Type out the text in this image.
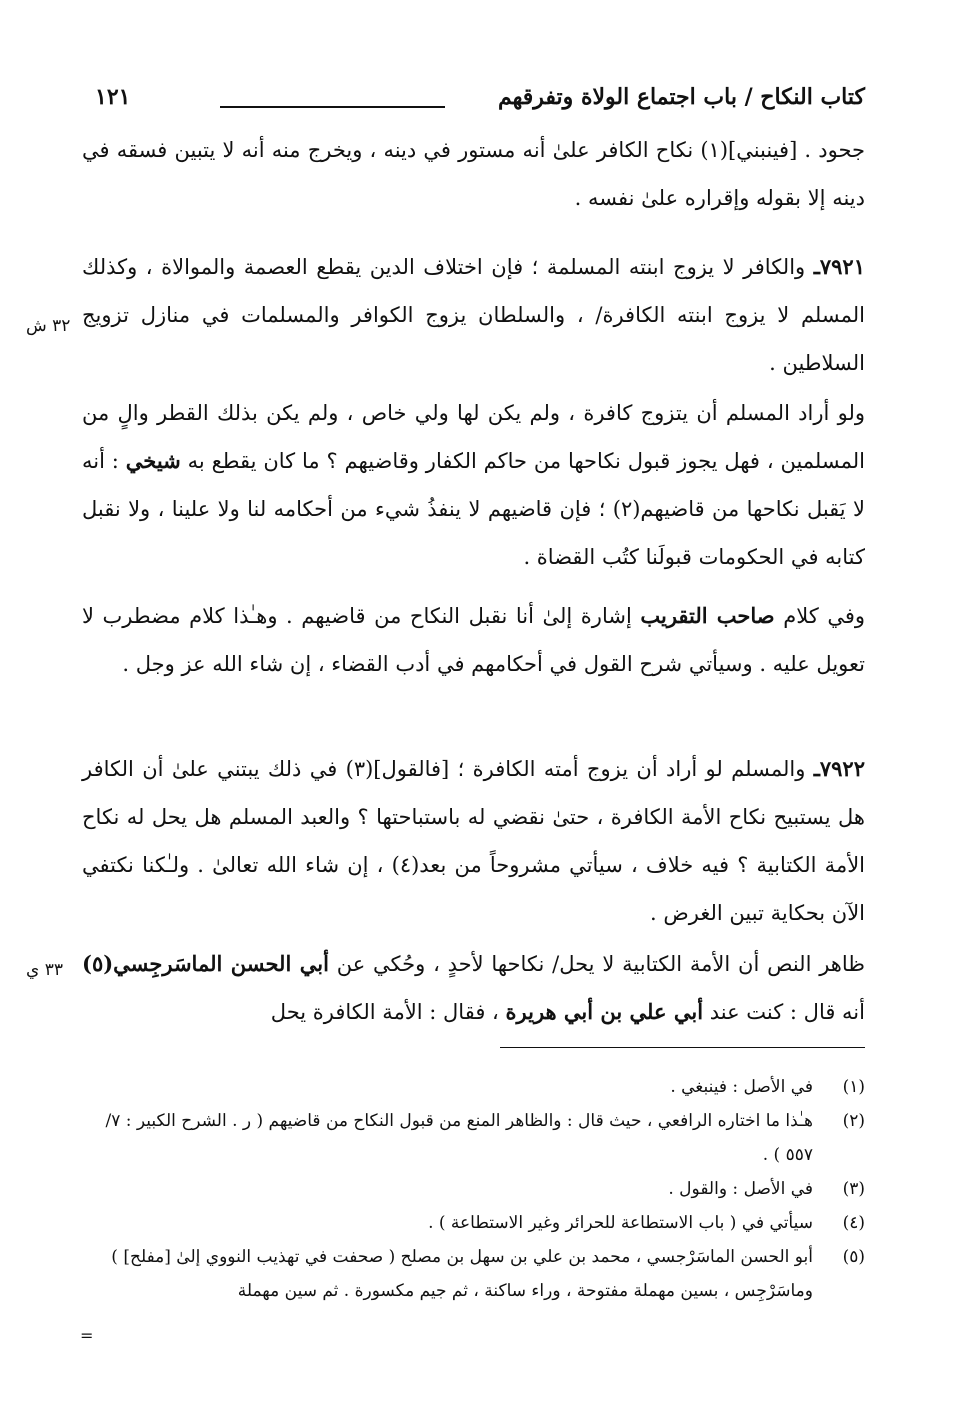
كتاب النكاح / باب اجتماع الولاة وتفرقهم
١٢١

جحود . [فينبني](١) نكاح الكافر علىٰ أنه مستور في دينه ، ويخرج منه أنه لا يتبين فسقه في دينه إلا بقوله وإقراره علىٰ نفسه .

٧٩٢١ـ والكافر لا يزوج ابنته المسلمة ؛ فإن اختلاف الدين يقطع العصمة والموالاة ، وكذلك المسلم لا يزوج ابنته الكافرة/ ، والسلطان يزوج الكوافر والمسلمات في منازل تزويج السلاطين .

٣٢ ش

ولو أراد المسلم أن يتزوج كافرة ، ولم يكن لها ولي خاص ، ولم يكن بذلك القطر والٍ من المسلمين ، فهل يجوز قبول نكاحها من حاكم الكفار وقاضيهم ؟ ما كان يقطع به شيخي : أنه لا يَقبل نكاحها من قاضيهم(٢) ؛ فإن قاضيهم لا ينفذُ شيء من أحكامه لنا ولا علينا ، ولا نقبل كتابه في الحكومات قبولَنا كتُب القضاة .

وفي كلام صاحب التقريب إشارة إلىٰ أنا نقبل النكاح من قاضيهم . وهـٰذا كلام مضطرب لا تعويل عليه . وسيأتي شرح القول في أحكامهم في أدب القضاء ، إن شاء الله عز وجل .

٧٩٢٢ـ والمسلم لو أراد أن يزوج أمته الكافرة ؛ [فالقول](٣) في ذلك يبتني علىٰ أن الكافر هل يستبيح نكاح الأمة الكافرة ، حتىٰ نقضي له باستباحتها ؟ والعبد المسلم هل يحل له نكاح الأمة الكتابية ؟ فيه خلاف ، سيأتي مشروحاً من بعد(٤) ، إن شاء الله تعالىٰ . ولـٰكنا نكتفي الآن بحكاية تبين الغرض .

ظاهر النص أن الأمة الكتابية لا يحل/ نكاحها لأحدٍ ، وحُكي عن أبي الحسن الماسَرجِسي(٥) أنه قال : كنت عند أبي علي بن أبي هريرة ، فقال : الأمة الكافرة يحل

٣٣ ي
(١)
في الأصل : فينبغي .
(٢)
هـٰذا ما اختاره الرافعي ، حيث قال : والظاهر المنع من قبول النكاح من قاضيهم ( ر . الشرح الكبير : ٧/ ٥٥٧ ) .
(٣)
في الأصل : والقول .
(٤)
سيأتي في ( باب الاستطاعة للحرائر وغير الاستطاعة ) .
(٥)
أبو الحسن الماسَرْجسي ، محمد بن علي بن سهل بن مصلح ( صحفت في تهذيب النووي إلىٰ [مفلح] ) وماسَرْجِس ، بسين مهملة مفتوحة ، وراء ساكنة ، ثم جيم مكسورة . ثم سين مهملة
=
